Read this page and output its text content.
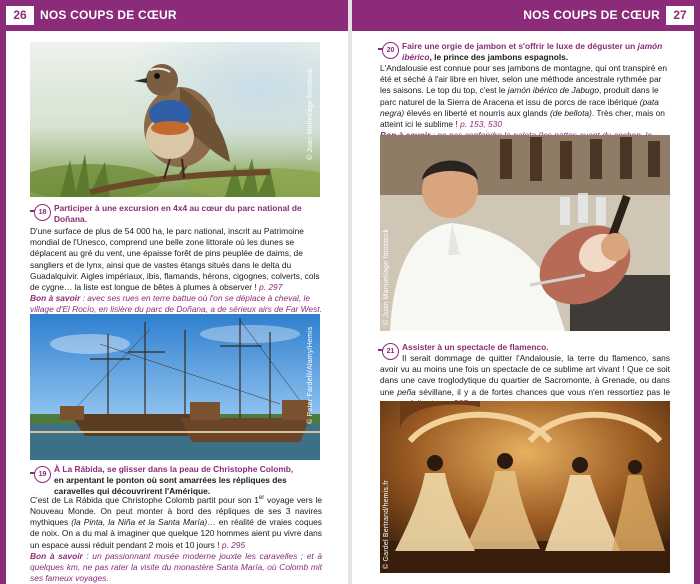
26	NOS COUPS DE CŒUR	NOS COUPS DE CŒUR	27
© Juan Mollet/age fotostock
18 Participer à une excursion en 4x4 au cœur du parc national de

Doñana.

D'une surface de plus de 54 000 ha, le parc national, inscrit au Patrimoine mondial de l'Unesco, comprend une belle zone littorale où les dunes se déplacent au gré du vent, une épaisse forêt de pins peuplée de daims, de sangliers et de lynx, ainsi que de vastes étangs situés dans le delta du Guadalquivir. Aigles impériaux, ibis, flamands, hérons, cigognes, colverts, cols de cygne… la liste est longue de bêtes à plumes à observer ! p. 297

Bon à savoir : avec ses rues en terre battue où l'on se déplace à cheval, le village d'El Rocío, en lisière du parc de Doñana, a de sérieux airs de Far West.

© Peter Fardelli/Alamy/Hemis
19

À La Rábida, se glisser dans la peau de Christophe Colomb,

en arpentant le ponton où sont amarrées les répliques des caravelles qui découvrirent l'Amérique.

C'est de La Rábida que Christophe Colomb partit pour son 1er voyage vers le Nouveau Monde. On peut monter à bord des répliques de ses 3 navires mythiques (la Pinta, la Niña et la Santa María)… en réalité de vraies coques de noix. On a du mal à imaginer que quelque 120 hommes aient pu vivre dans un espace aussi réduit pendant 2 mois et 10 jours ! p. 295

Bon à savoir : un passionnant musée moderne jouxte les caravelles ; et à quelques km, ne pas rater la visite du monastère Santa María, où Colomb mit ses fameux voyages.

20 Faire une orgie de jambon et s'offrir le luxe de déguster un jamón ibérico, le prince des jambons espagnols.

L'Andalousie est connue pour ses jambons de montagne, qui ont transpiré en été et séché à l'air libre en hiver, selon une méthode ancestrale rythmée par les saisons. Le top du top, c'est le jamón ibérico de Jabugo, produit dans le parc naturel de la Sierra de Aracena et issu de porcs de race ibérique (pata negra) élevés en liberté et nourris aux glands (de bellota). Très cher, mais on atteint ici le sublime ! p. 153, 530

© Juan Manuel/age fotostock
21 Assister à un spectacle de flamenco.

Il serait dommage de quitter l'Andalousie, la terre du flamenco, sans avoir vu au moins une fois un spectacle de ce sublime art vivant ! Que ce soit dans une cave troglodytique du quartier de Sacromonte, à Grenade, ou dans une peña sévillane, il y a de fortes chances que vous n'en ressortiez pas le

© Gardel Bertrand/hemis.fr
